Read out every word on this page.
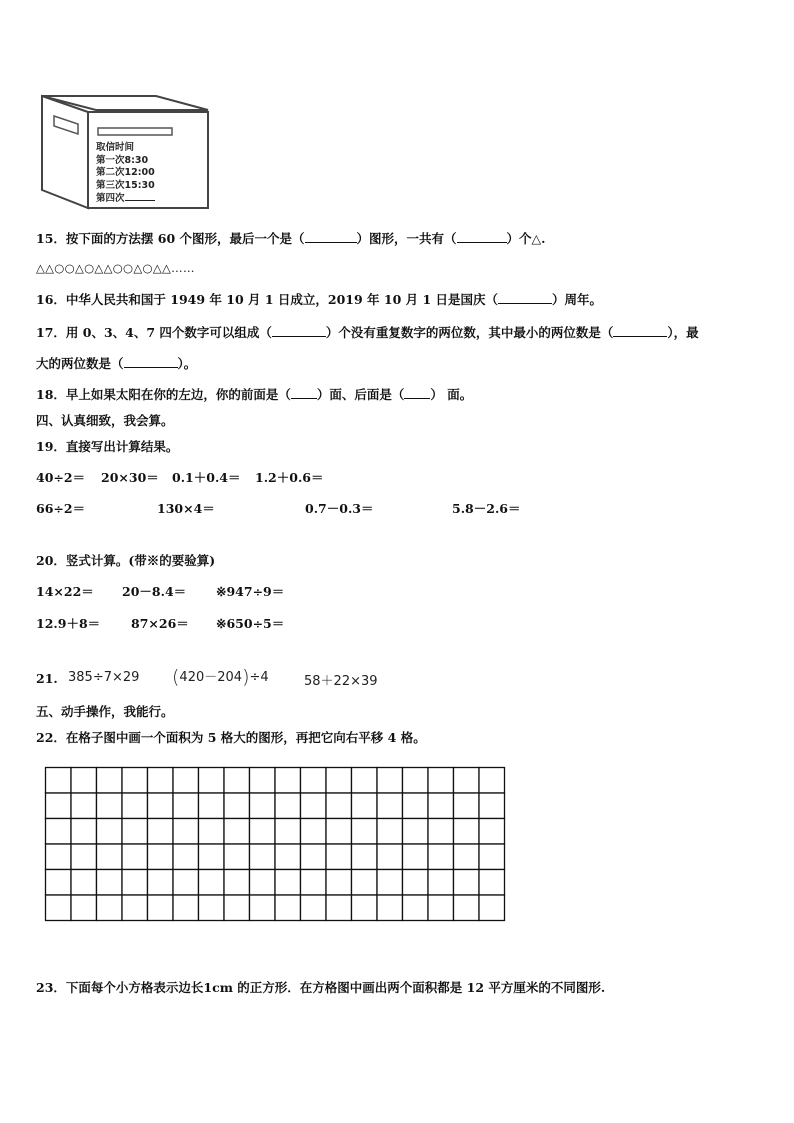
取信时间
第一次8:30
第二次12:00
第三次15:30
第四次
15．按下面的方法摆 60 个图形，最后一个是（	）图形，一共有（	）个△.
△△○○△○△△○○△○△△……
16．中华人民共和国于 1949 年 10 月 1 日成立，2019 年 10 月 1 日是国庆（	）周年。
17．用 0、3、4、7 四个数字可以组成（	）个没有重复数字的两位数，其中最小的两位数是（	），最
大的两位数是（	）。
18．早上如果太阳在你的左边，你的前面是（ ）面、后面是（ ） 面。
四、认真细致，我会算。
19．直接写出计算结果。
40÷2＝ 20×30＝ 0.1＋0.4＝ 1.2＋0.6＝
66÷2＝	130×4＝	0.7－0.3＝	5.8－2.6＝
20．竖式计算。(带※的要验算)
14×22＝ 20－8.4＝ ※947÷9＝
12.9＋8＝ 87×26＝ ※650÷5＝
21. 385÷7×29 (420－204)÷4	58＋22×39
五、动手操作，我能行。
22．在格子图中画一个面积为 5 格大的图形，再把它向右平移 4 格。
23．下面每个小方格表示边长1cm 的正方形．在方格图中画出两个面积都是 12 平方厘米的不同图形.
